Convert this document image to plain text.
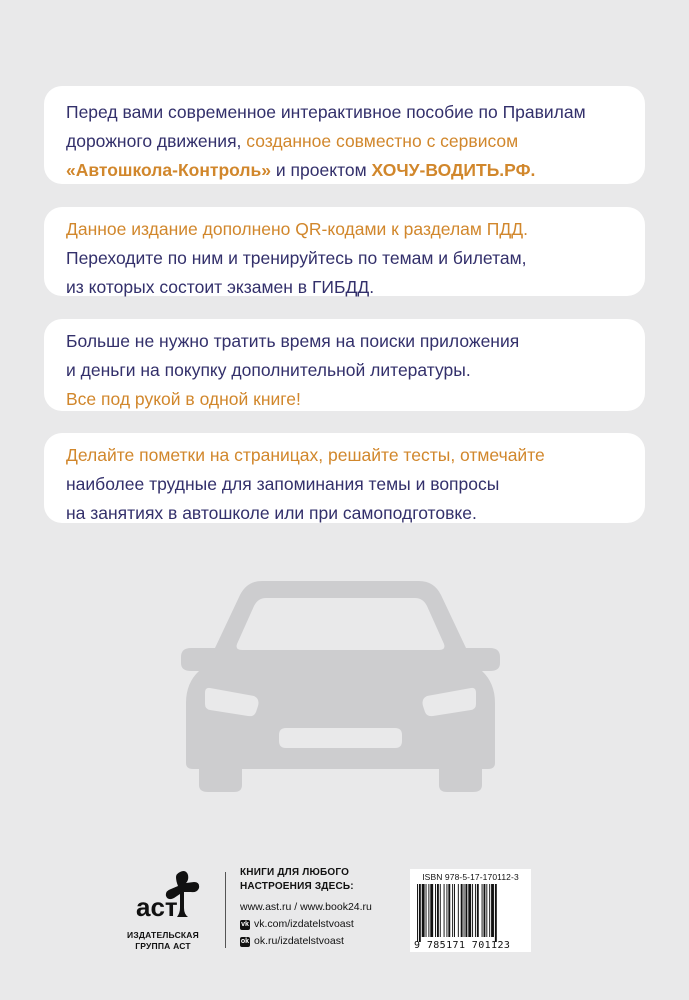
Перед вами современное интерактивное пособие по Правилам
дорожного движения, созданное совместно с сервисом
«Автошкола-Контроль» и проектом ХОЧУ-ВОДИТЬ.РФ.
Данное издание дополнено QR-кодами к разделам ПДД.
Переходите по ним и тренируйтесь по темам и билетам,
из которых состоит экзамен в ГИБДД.
Больше не нужно тратить время на поиски приложения
и деньги на покупку дополнительной литературы.
Все под рукой в одной книге!
Делайте пометки на страницах, решайте тесты, отмечайте
наиболее трудные для запоминания темы и вопросы
на занятиях в автошколе или при самоподготовке.
аст
ИЗДАТЕЛЬСКАЯ
ГРУППА АСТ
КНИГИ ДЛЯ ЛЮБОГО
НАСТРОЕНИЯ ЗДЕСЬ:
www.ast.ru / www.book24.ru
vk vk.com/izdatelstvoast
ok ok.ru/izdatelstvoast
ISBN 978-5-17-170112-3
9 785171 701123
